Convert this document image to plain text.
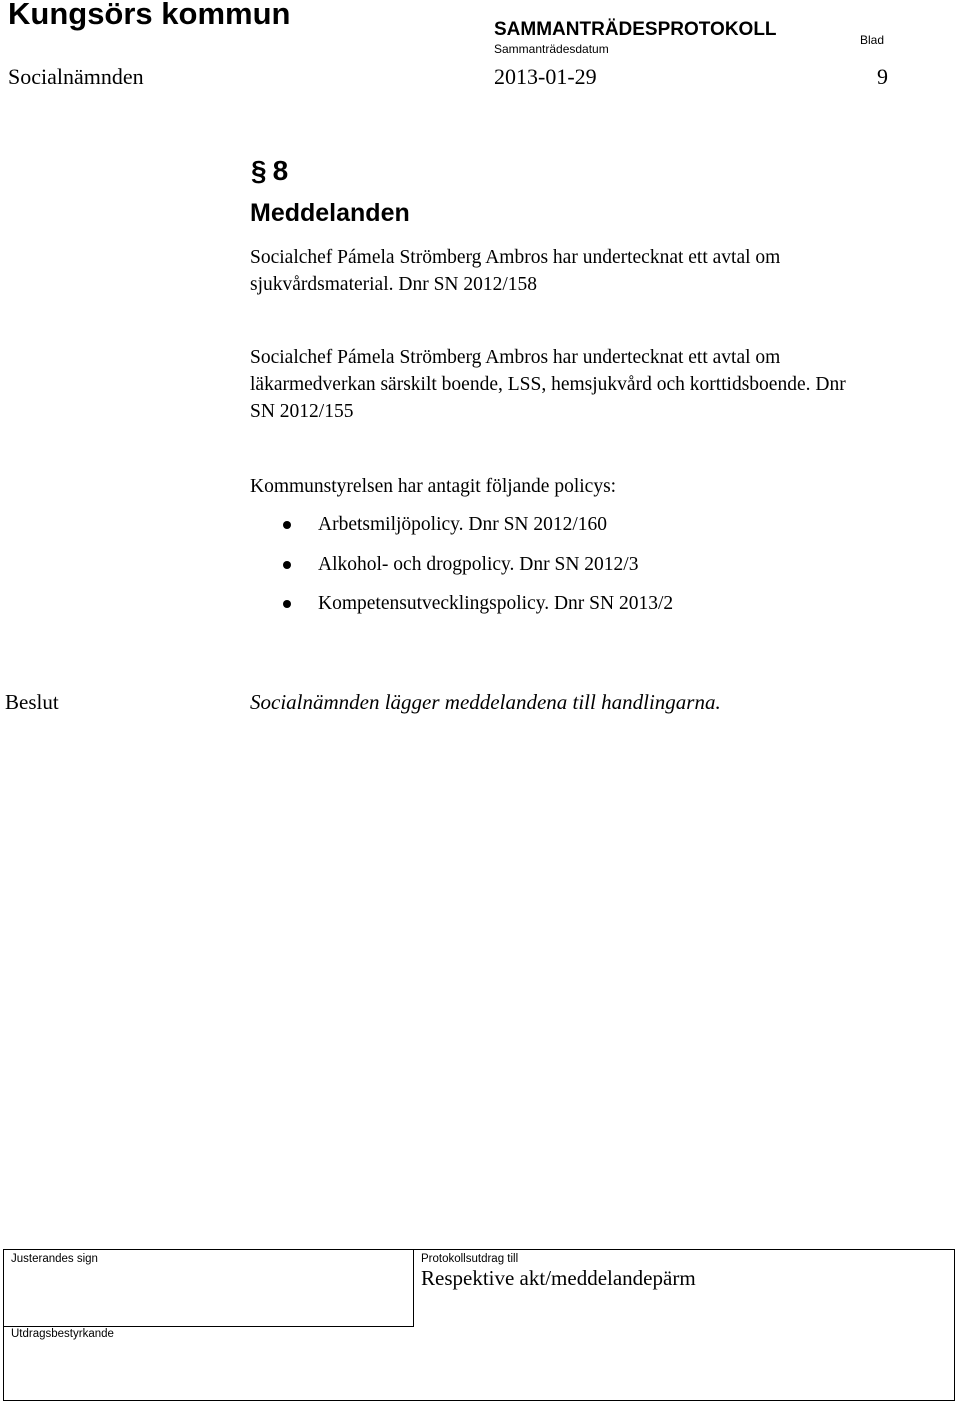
Kungsörs kommun	SAMMANTRÄDESPROTOKOLL
Sammanträdesdatum
Blad
Socialnämnden	2013-01-29	9
§ 8
Meddelanden
Socialchef Pámela Strömberg Ambros har undertecknat ett avtal om sjukvårdsmaterial. Dnr SN 2012/158
Socialchef Pámela Strömberg Ambros har undertecknat ett avtal om läkarmedverkan särskilt boende, LSS, hemsjukvård och korttidsboende. Dnr SN 2012/155
Kommunstyrelsen har antagit följande policys:
Arbetsmiljöpolicy. Dnr SN 2012/160
Alkohol- och drogpolicy. Dnr SN 2012/3
Kompetensutvecklingspolicy. Dnr SN 2013/2
Beslut	Socialnämnden lägger meddelandena till handlingarna.
Justerandes sign	Protokollsutdrag till
Respektive akt/meddelandepärm
Utdragsbestyrkande
